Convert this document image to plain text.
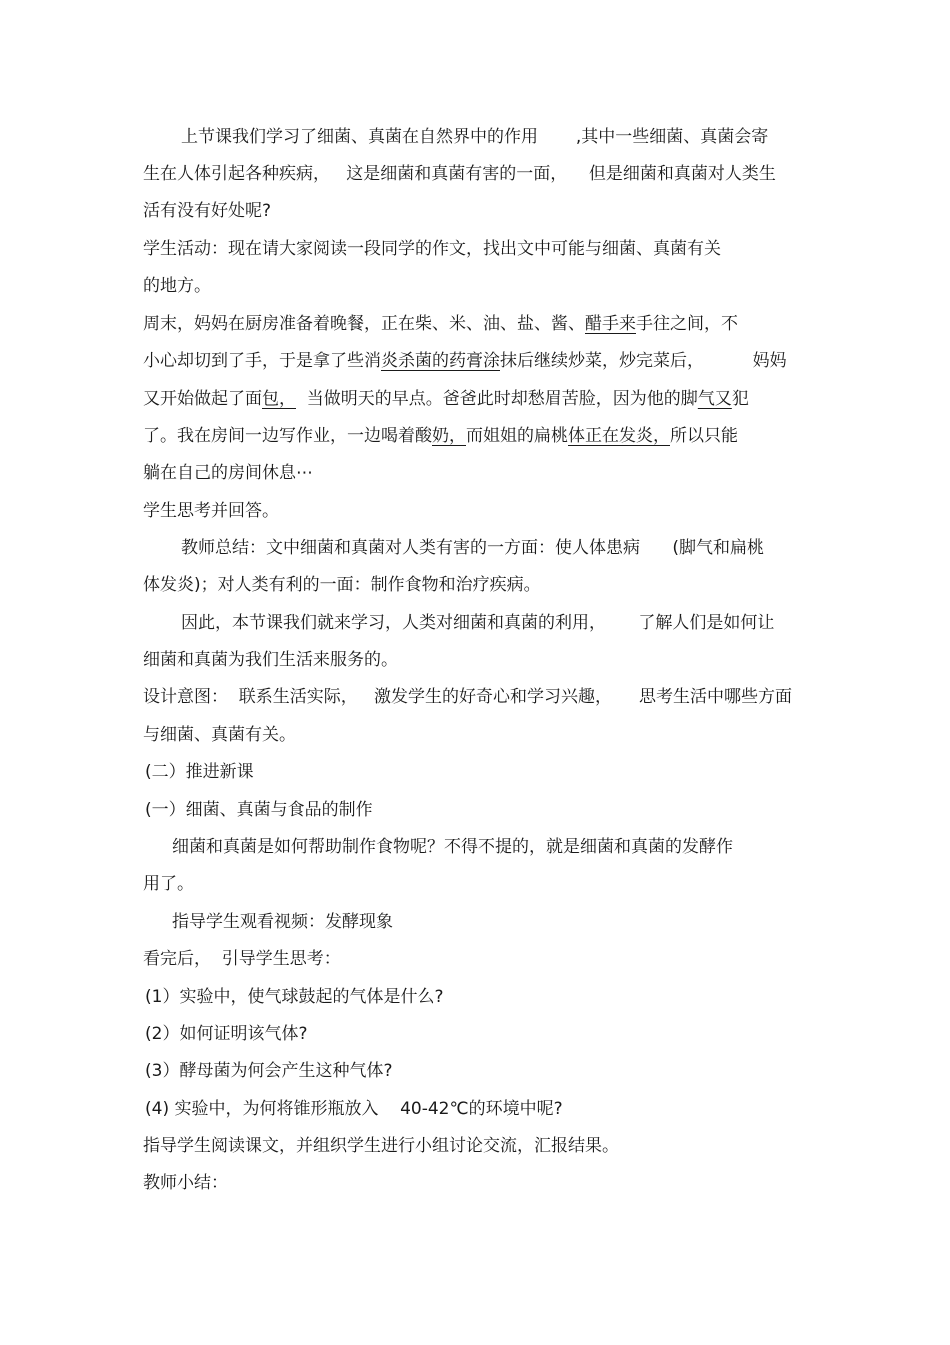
上节课我们学习了细菌、真菌在自然界中的作用       ,其中一些细菌、真菌会寄
生在人体引起各种疾病，   这是细菌和真菌有害的一面，    但是细菌和真菌对人类生
活有没有好处呢?
学生活动：现在请大家阅读一段同学的作文，找出文中可能与细菌、真菌有关
的地方。
周末，妈妈在厨房准备着晚餐，正在柴、米、油、盐、酱、醋手来手往之间，不
小心却切到了手，于是拿了些消炎杀菌的药膏涂抹后继续炒菜，炒完菜后，         妈妈
又开始做起了面包，  当做明天的早点。爸爸此时却愁眉苦脸，因为他的脚气又犯
了。我在房间一边写作业，一边喝着酸奶，而姐姐的扁桃体正在发炎，所以只能
躺在自己的房间休息⋯
学生思考并回答。
教师总结：文中细菌和真菌对人类有害的一方面：使人体患病      (脚气和扁桃
体发炎)；对人类有利的一面：制作食物和治疗疾病。
因此，本节课我们就来学习，人类对细菌和真菌的利用，      了解人们是如何让
细菌和真菌为我们生活来服务的。
设计意图：  联系生活实际，   激发学生的好奇心和学习兴趣，     思考生活中哪些方面
与细菌、真菌有关。
(二）推进新课
(一）细菌、真菌与食品的制作
细菌和真菌是如何帮助制作食物呢？不得不提的，就是细菌和真菌的发酵作
用了。
指导学生观看视频：发酵现象
看完后，  引导学生思考：
(1）实验中，使气球鼓起的气体是什么?
(2）如何证明该气体?
(3）酵母菌为何会产生这种气体?
(4) 实验中，为何将锥形瓶放入    40-42℃的环境中呢?
指导学生阅读课文，并组织学生进行小组讨论交流，汇报结果。
教师小结：
